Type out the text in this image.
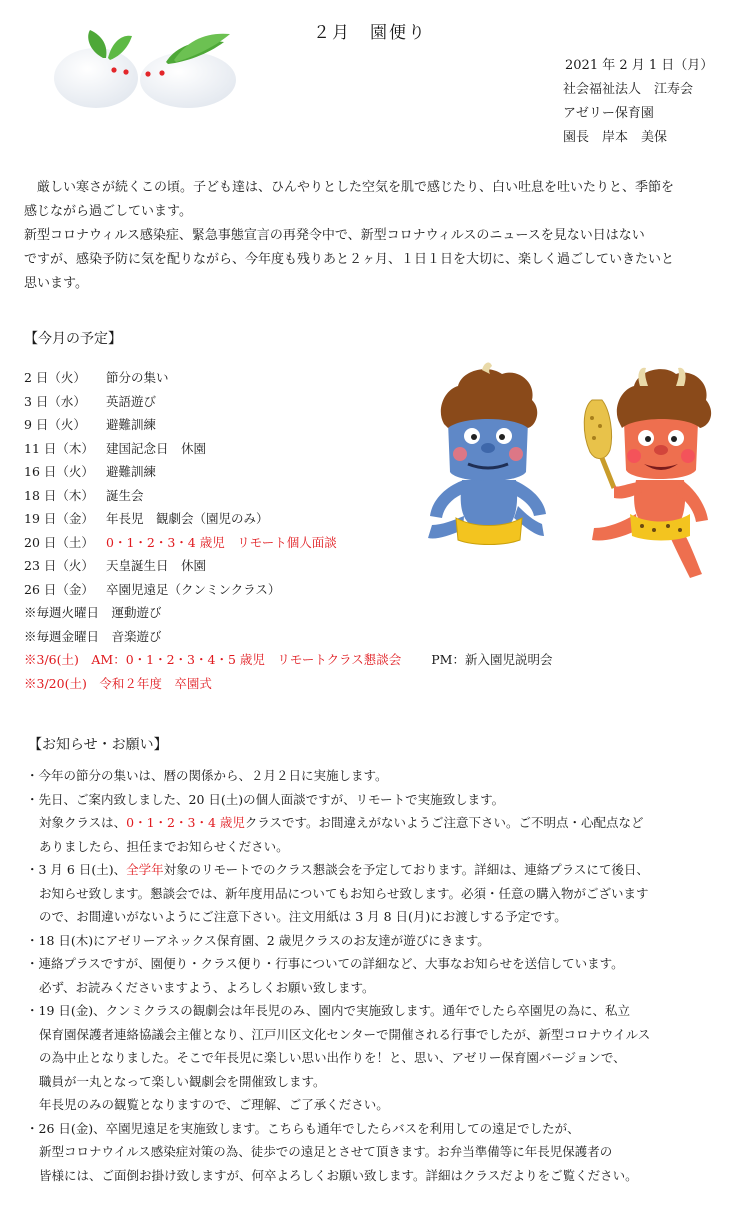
２月　園便り
2021 年 2 月 1 日（月）
社会福祉法人　江寿会
アゼリー保育園
園長　岸本　美保

　厳しい寒さが続くこの頃。子ども達は、ひんやりとした空気を肌で感じたり、白い吐息を吐いたりと、季節を

感じながら過ごしています。

新型コロナウィルス感染症、緊急事態宣言の再発令中で、新型コロナウィルスのニュースを見ない日はない

ですが、感染予防に気を配りながら、今年度も残りあと２ヶ月、１日１日を大切に、楽しく過ごしていきたいと

思います。

【今月の予定】
2 日（火） 節分の集い
3 日（水） 英語遊び
9 日（火） 避難訓練
11 日（木） 建国記念日　休園
16 日（火） 避難訓練
18 日（木） 誕生会
19 日（金） 年長児　観劇会（園児のみ）
20 日（土） 0・1・2・3・4 歳児　リモート個人面談
23 日（火） 天皇誕生日　休園
26 日（金） 卒園児遠足（クンミンクラス）
※毎週火曜日　運動遊び
※毎週金曜日　音楽遊び
※3/6(土)　AM：0・1・2・3・4・5 歳児　リモートクラス懇談会 PM：新入園児説明会
※3/20(土)　令和２年度　卒園式
【お知らせ・お願い】
・今年の節分の集いは、暦の関係から、２月２日に実施します。
・先日、ご案内致しました、20 日(土)の個人面談ですが、リモートで実施致します。
対象クラスは、0・1・2・3・4 歳児クラスです。お間違えがないようご注意下さい。ご不明点・心配点など
ありましたら、担任までお知らせください。
・3 月 6 日(土)、全学年対象のリモートでのクラス懇談会を予定しております。詳細は、連絡プラスにて後日、
お知らせ致します。懇談会では、新年度用品についてもお知らせ致します。必須・任意の購入物がございます
ので、お間違いがないようにご注意下さい。注文用紙は 3 月 8 日(月)にお渡しする予定です。
・18 日(木)にアゼリーアネックス保育園、2 歳児クラスのお友達が遊びにきます。
・連絡プラスですが、園便り・クラス便り・行事についての詳細など、大事なお知らせを送信しています。
必ず、お読みくださいますよう、よろしくお願い致します。
・19 日(金)、クンミクラスの観劇会は年長児のみ、園内で実施致します。通年でしたら卒園児の為に、私立
保育園保護者連絡協議会主催となり、江戸川区文化センターで開催される行事でしたが、新型コロナウイルス
の為中止となりました。そこで年長児に楽しい思い出作りを！と、思い、アゼリー保育園バージョンで、
職員が一丸となって楽しい観劇会を開催致します。
年長児のみの観覧となりますので、ご理解、ご了承ください。
・26 日(金)、卒園児遠足を実施致します。こちらも通年でしたらバスを利用しての遠足でしたが、
新型コロナウイルス感染症対策の為、徒歩での遠足とさせて頂きます。お弁当準備等に年長児保護者の
皆様には、ご面倒お掛け致しますが、何卒よろしくお願い致します。詳細はクラスだよりをご覧ください。
